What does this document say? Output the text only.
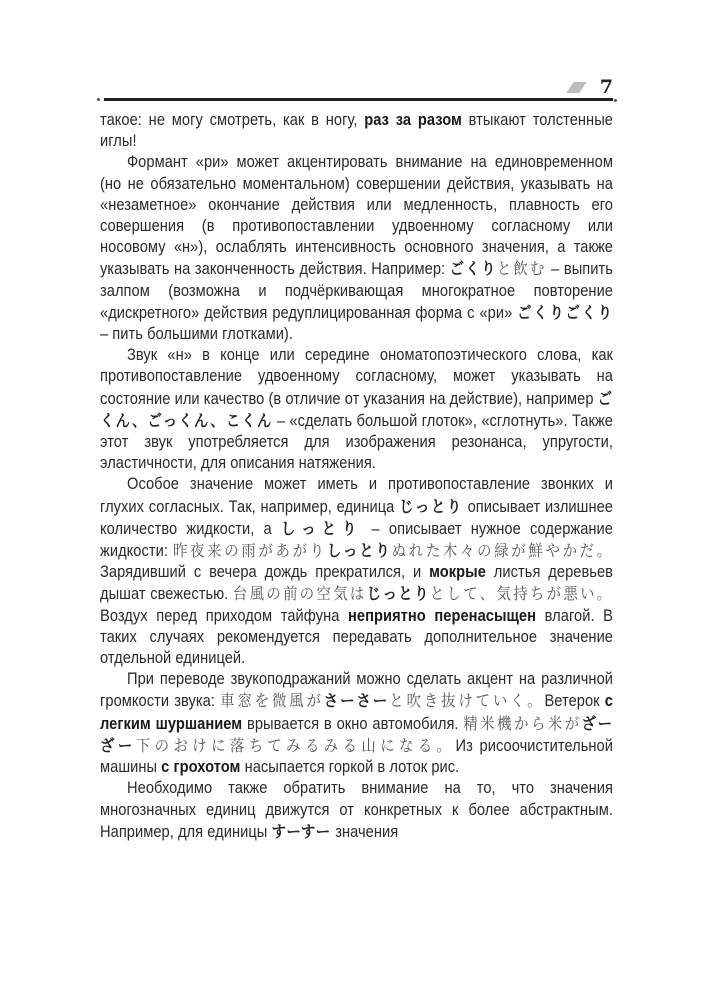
7

такое: не могу смотреть, как в ногу, раз за разом втыкают толстенные иглы!

Формант «ри» может акцентировать внимание на единовременном (но не обязательно моментальном) совершении действия, указывать на «незаметное» окончание действия или медленность, плавность его совершения (в противопоставлении удвоенному согласному или носовому «н»), ослаблять интенсивность основного значения, а также указывать на законченность действия. Например: ごくりと飲む – выпить залпом (возможна и подчёркивающая многократное повторение «дискретного» действия редуплицированная форма с «ри» ごくりごくり – пить большими глотками).

Звук «н» в конце или середине ономатопоэтического слова, как противопоставление удвоенному согласному, может указывать на состояние или качество (в отличие от указания на действие), например ごくん、ごっくん、こくん – «сделать большой глоток», «сглотнуть». Также этот звук употребляется для изображения резонанса, упругости, эластичности, для описания натяжения.

Особое значение может иметь и противопоставление звонких и глухих согласных. Так, например, единица じっとり описывает излишнее количество жидкости, а しっとり – описывает нужное содержание жидкости: 昨夜来の雨があがりしっとりぬれた木々の緑が鮮やかだ。Зарядивший с вечера дождь прекратился, и мокрые листья деревьев дышат свежестью. 台風の前の空気はじっとりとして、気持ちが悪い。Воздух перед приходом тайфуна неприятно перенасыщен влагой. В таких случаях рекомендуется передавать дополнительное значение отдельной единицей.

При переводе звукоподражаний можно сделать акцент на различной громкости звука: 車窓を微風がさーさーと吹き抜けていく。Ветерок с легким шуршанием врывается в окно автомобиля. 精米機から米がざーざー下のおけに落ちてみるみる山になる。Из рисоочистительной машины с грохотом насыпается горкой в лоток рис.

Необходимо также обратить внимание на то, что значения многозначных единиц движутся от конкретных к более абстрактным. Например, для единицы すーすー значения
